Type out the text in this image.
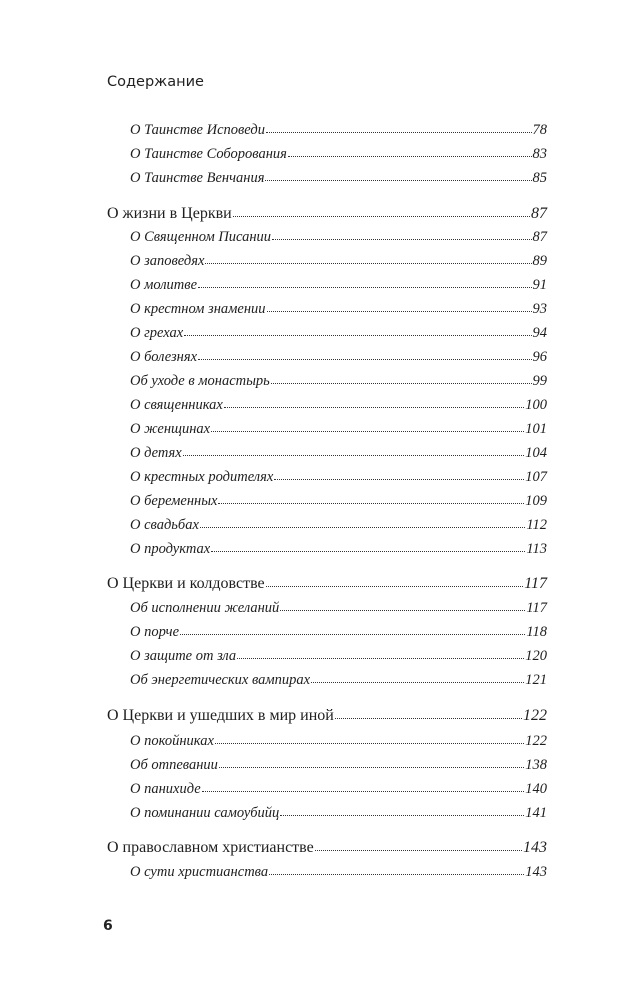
Содержание
О Таинстве Исповеди	78
О Таинстве Соборования	83
О Таинстве Венчания	85
О жизни в Церкви	87
О Священном Писании	87
О заповедях	89
О молитве	91
О крестном знамении	93
О грехах	94
О болезнях	96
Об уходе в монастырь	99
О священниках	100
О женщинах	101
О детях	104
О крестных родителях	107
О беременных	109
О свадьбах	112
О продуктах	113
О Церкви и колдовстве	117
Об исполнении желаний	117
О порче	118
О защите от зла	120
Об энергетических вампирах	121
О Церкви и ушедших в мир иной	122
О покойниках	122
Об отпевании	138
О панихиде	140
О поминании самоубийц	141
О православном христианстве	143
О сути христианства	143
6
